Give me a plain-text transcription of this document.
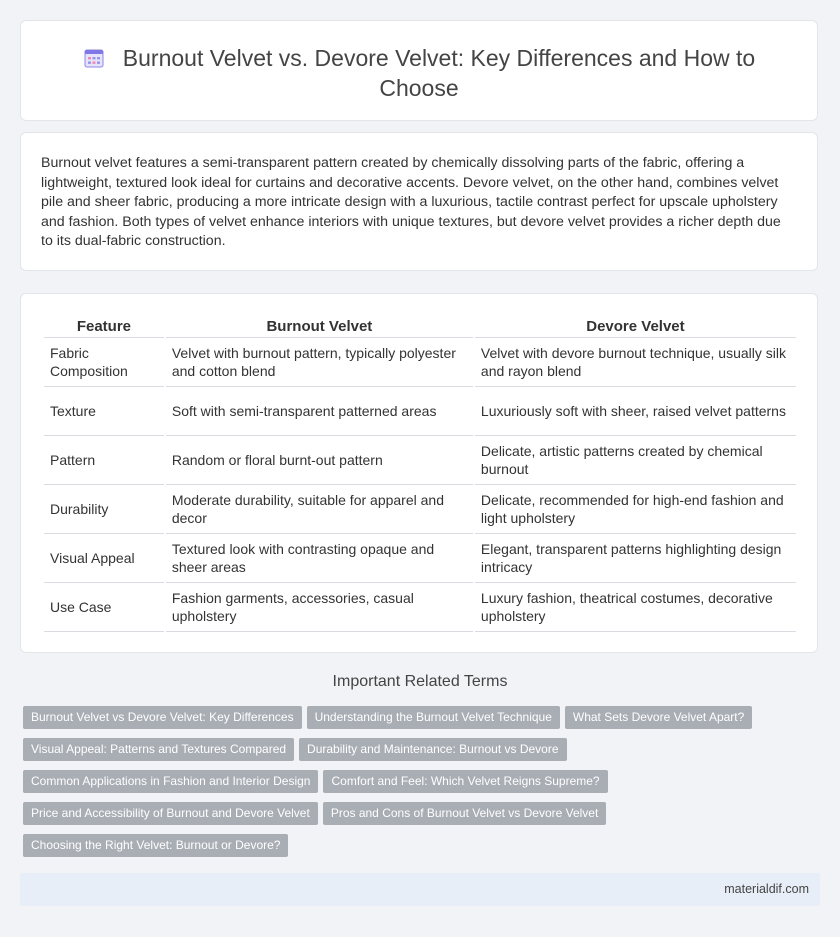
Burnout Velvet vs. Devore Velvet: Key Differences and How to Choose

Burnout velvet features a semi-transparent pattern created by chemically dissolving parts of the fabric, offering a lightweight, textured look ideal for curtains and decorative accents. Devore velvet, on the other hand, combines velvet pile and sheer fabric, producing a more intricate design with a luxurious, tactile contrast perfect for upscale upholstery and fashion. Both types of velvet enhance interiors with unique textures, but devore velvet provides a richer depth due to its dual-fabric construction.

Feature	Burnout Velvet	Devore Velvet
Fabric Composition	Velvet with burnout pattern, typically polyester and cotton blend	Velvet with devore burnout technique, usually silk and rayon blend
Texture	Soft with semi-transparent patterned areas	Luxuriously soft with sheer, raised velvet patterns
Pattern	Random or floral burnt-out pattern	Delicate, artistic patterns created by chemical burnout
Durability	Moderate durability, suitable for apparel and decor	Delicate, recommended for high-end fashion and light upholstery
Visual Appeal	Textured look with contrasting opaque and sheer areas	Elegant, transparent patterns highlighting design intricacy
Use Case	Fashion garments, accessories, casual upholstery	Luxury fashion, theatrical costumes, decorative upholstery
Important Related Terms
Burnout Velvet vs Devore Velvet: Key Differences Understanding the Burnout Velvet Technique What Sets Devore Velvet Apart?
Visual Appeal: Patterns and Textures Compared Durability and Maintenance: Burnout vs Devore
Common Applications in Fashion and Interior Design Comfort and Feel: Which Velvet Reigns Supreme?
Price and Accessibility of Burnout and Devore Velvet Pros and Cons of Burnout Velvet vs Devore Velvet
Choosing the Right Velvet: Burnout or Devore?
materialdif.com
